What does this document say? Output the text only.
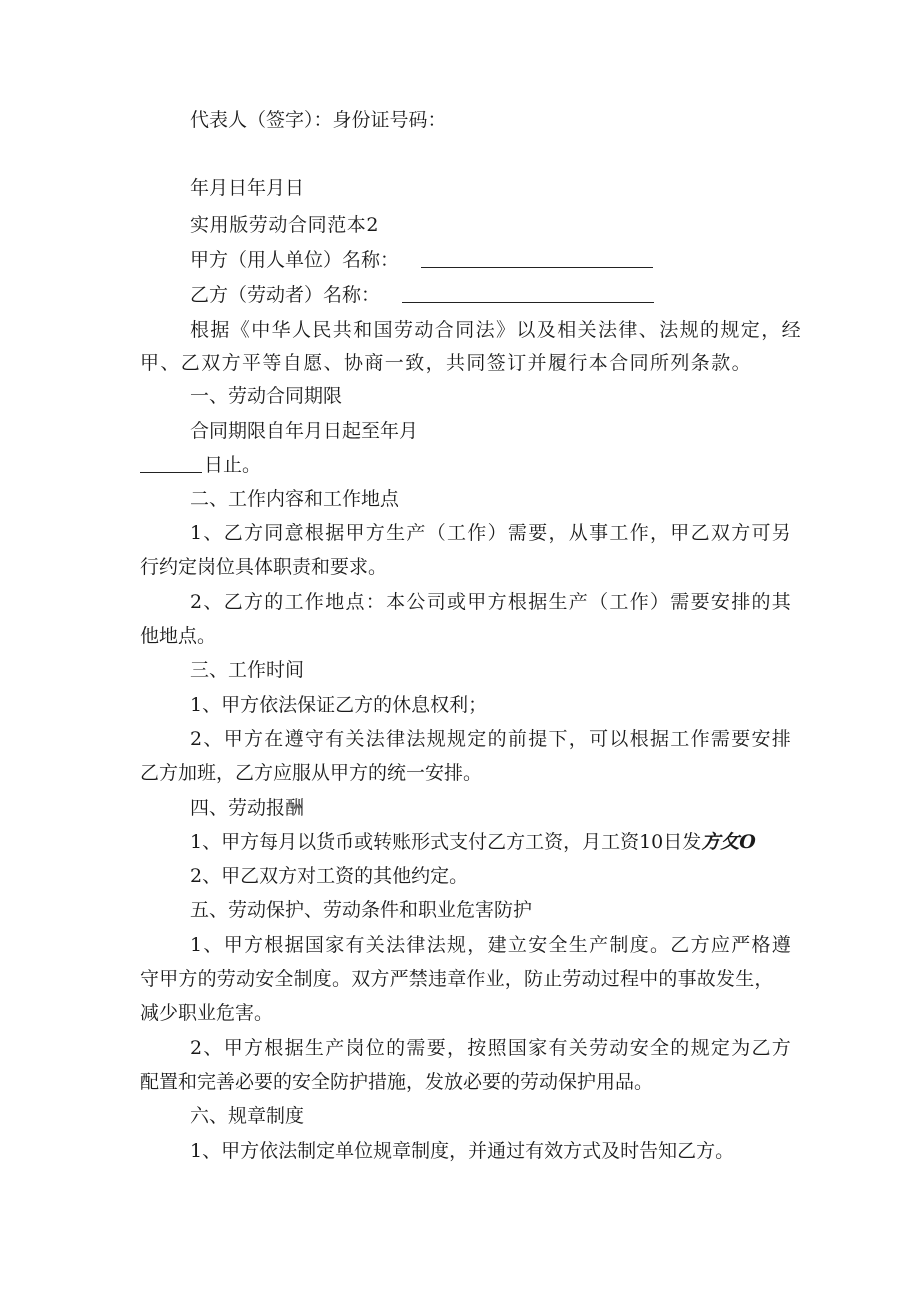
代表人（签字）：身份证号码：
年月日年月日
实用版劳动合同范本2
甲方（用人单位）名称：
乙方（劳动者）名称：
根据《中华人民共和国劳动合同法》以及相关法律、法规的规定，经
甲、乙双方平等自愿、协商一致，共同签订并履行本合同所列条款。
一、劳动合同期限
合同期限自年月日起至年月
日止。
二、工作内容和工作地点
1、乙方同意根据甲方生产（工作）需要，从事工作，甲乙双方可另
行约定岗位具体职责和要求。
2、乙方的工作地点：本公司或甲方根据生产（工作）需要安排的其
他地点。
三、工作时间
1、甲方依法保证乙方的休息权利；
2、甲方在遵守有关法律法规规定的前提下，可以根据工作需要安排
乙方加班，乙方应服从甲方的统一安排。
四、劳动报酬
1、甲方每月以货币或转账形式支付乙方工资，月工资10日发方攵O
2、甲乙双方对工资的其他约定。
五、劳动保护、劳动条件和职业危害防护
1、甲方根据国家有关法律法规，建立安全生产制度。乙方应严格遵
守甲方的劳动安全制度。双方严禁违章作业，防止劳动过程中的事故发生，
减少职业危害。
2、甲方根据生产岗位的需要，按照国家有关劳动安全的规定为乙方
配置和完善必要的安全防护措施，发放必要的劳动保护用品。
六、规章制度
1、甲方依法制定单位规章制度，并通过有效方式及时告知乙方。
